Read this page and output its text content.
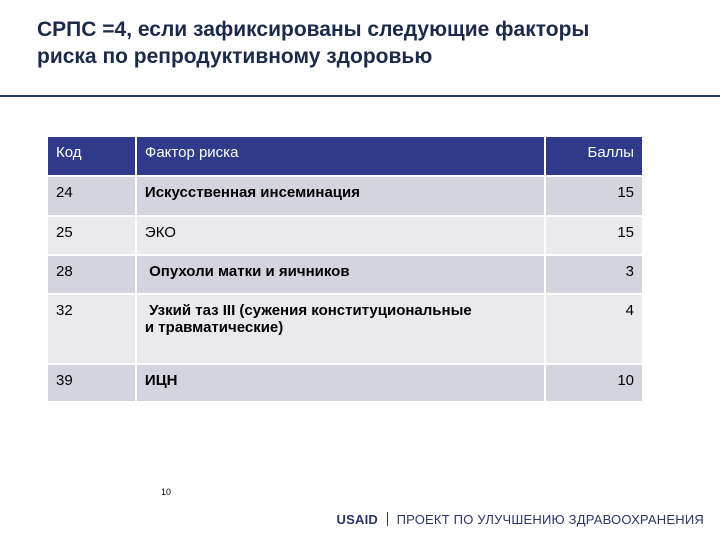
СРПС =4, если зафиксированы следующие факторы
риска по репродуктивному здоровью
Код	Фактор риска	Баллы
24	Искусственная инсеминация	15
25	ЭКО	15
28	Опухоли матки и яичников	3
32	Узкий таз III (сужения конституциональные
и травматические)	4
39	ИЦН	10
10
USAID ПРОЕКТ ПО УЛУЧШЕНИЮ ЗДРАВООХРАНЕНИЯ
